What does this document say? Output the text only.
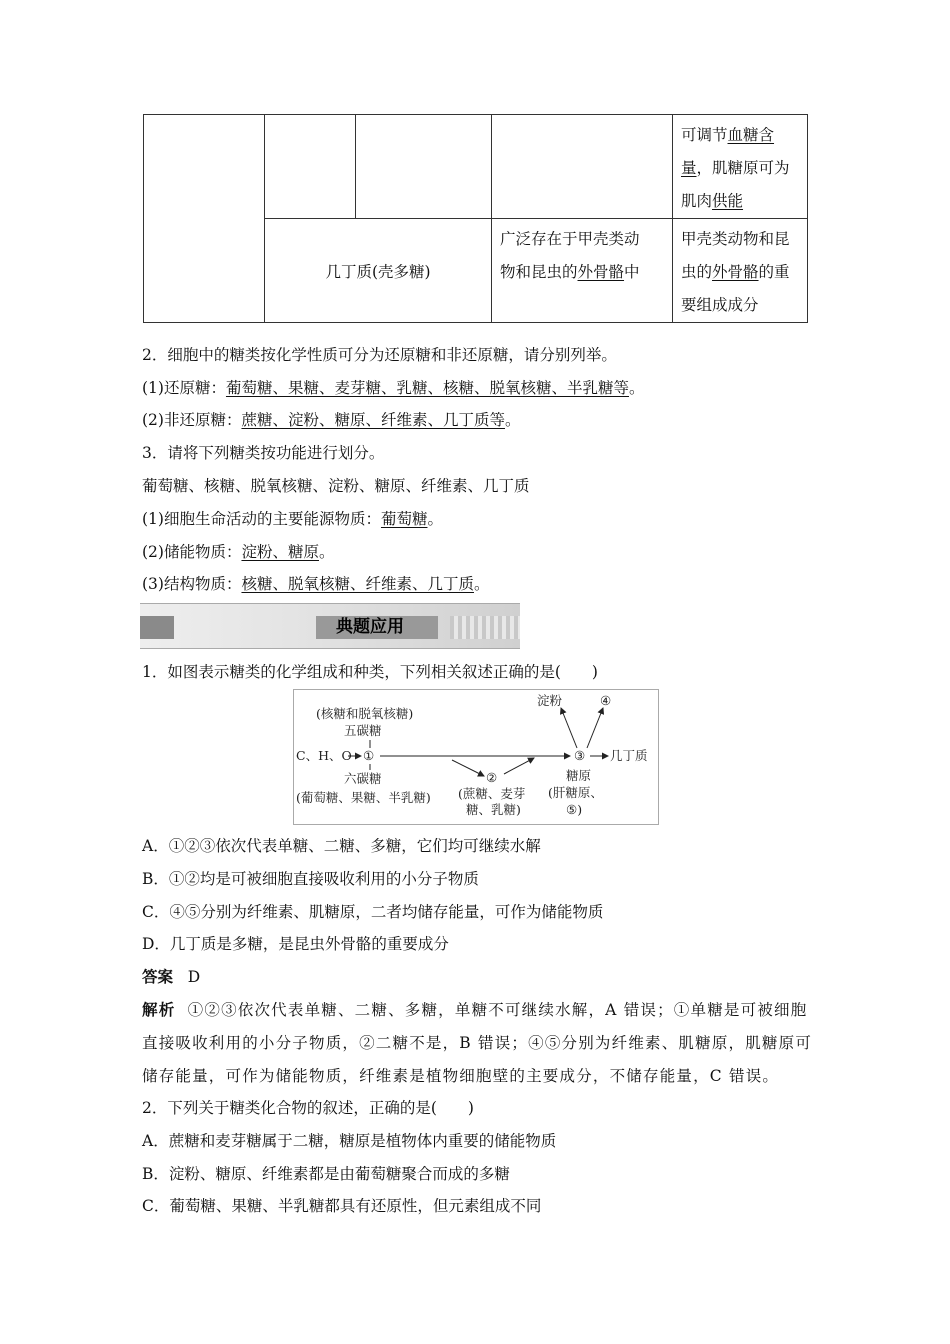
				可调节血糖含
量，肌糖原可为
肌肉供能
	几丁质(壳多糖)		广泛存在于甲壳类动
物和昆虫的外骨骼中	甲壳类动物和昆
虫的外骨骼的重
要组成成分
2．细胞中的糖类按化学性质可分为还原糖和非还原糖，请分别列举。
(1)还原糖：葡萄糖、果糖、麦芽糖、乳糖、核糖、脱氧核糖、半乳糖等。
(2)非还原糖：蔗糖、淀粉、糖原、纤维素、几丁质等。
3．请将下列糖类按功能进行划分。
葡萄糖、核糖、脱氧核糖、淀粉、糖原、纤维素、几丁质
(1)细胞生命活动的主要能源物质：葡萄糖。
(2)储能物质：淀粉、糖原。
(3)结构物质：核糖、脱氧核糖、纤维素、几丁质。
典题应用
1．如图表示糖类的化学组成和种类，下列相关叙述正确的是(　　)
(核糖和脱氧核糖)
五碳糖
C、H、O ①
六碳糖
(葡萄糖、果糖、半乳糖)
②
(蔗糖、麦芽
糖、乳糖)
③
淀粉	④
几丁质
糖原
(肝糖原、
⑤)
A．①②③依次代表单糖、二糖、多糖，它们均可继续水解
B．①②均是可被细胞直接吸收利用的小分子物质
C．④⑤分别为纤维素、肌糖原，二者均储存能量，可作为储能物质
D．几丁质是多糖，是昆虫外骨骼的重要成分
答案 D
解析 ①②③依次代表单糖、二糖、多糖，单糖不可继续水解，A 错误；①单糖是可被细胞
直接吸收利用的小分子物质，②二糖不是，B 错误；④⑤分别为纤维素、肌糖原，肌糖原可
储存能量，可作为储能物质，纤维素是植物细胞壁的主要成分，不储存能量，C 错误。
2．下列关于糖类化合物的叙述，正确的是(　　)
A．蔗糖和麦芽糖属于二糖，糖原是植物体内重要的储能物质
B．淀粉、糖原、纤维素都是由葡萄糖聚合而成的多糖
C．葡萄糖、果糖、半乳糖都具有还原性，但元素组成不同
